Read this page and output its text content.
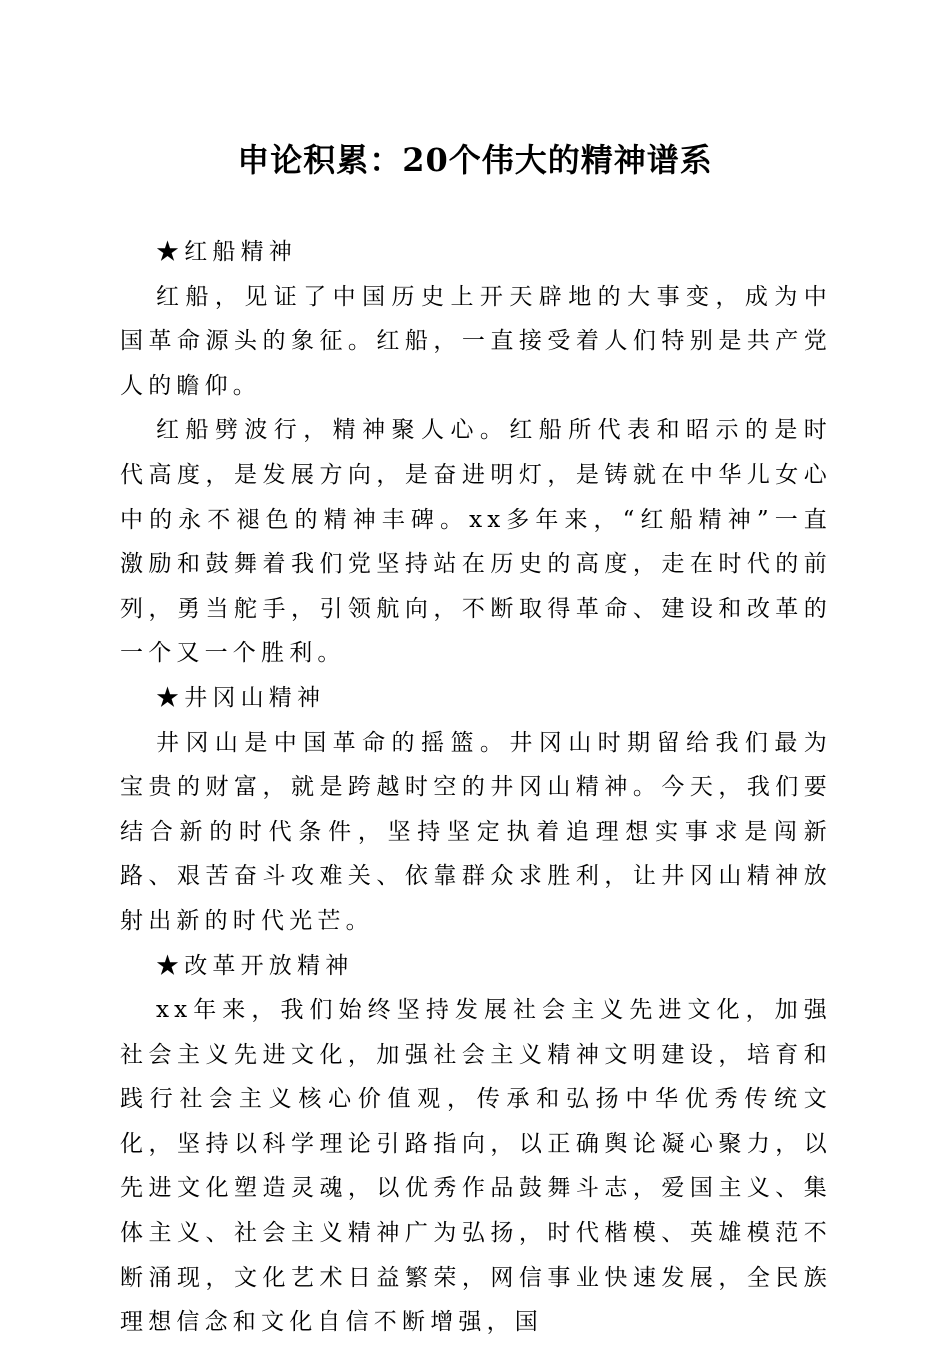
申论积累：20个伟大的精神谱系

★红船精神

红船，见证了中国历史上开天辟地的大事变，成为中国革命源头的象征。红船，一直接受着人们特别是共产党人的瞻仰。

红船劈波行，精神聚人心。红船所代表和昭示的是时代高度，是发展方向，是奋进明灯，是铸就在中华儿女心中的永不褪色的精神丰碑。xx多年来，“红船精神”一直激励和鼓舞着我们党坚持站在历史的高度，走在时代的前列，勇当舵手，引领航向，不断取得革命、建设和改革的一个又一个胜利。

★井冈山精神

井冈山是中国革命的摇篮。井冈山时期留给我们最为宝贵的财富，就是跨越时空的井冈山精神。今天，我们要结合新的时代条件，坚持坚定执着追理想实事求是闯新路、艰苦奋斗攻难关、依靠群众求胜利，让井冈山精神放射出新的时代光芒。

★改革开放精神

xx年来，我们始终坚持发展社会主义先进文化，加强社会主义先进文化，加强社会主义精神文明建设，培育和践行社会主义核心价值观，传承和弘扬中华优秀传统文化，坚持以科学理论引路指向，以正确舆论凝心聚力，以先进文化塑造灵魂，以优秀作品鼓舞斗志，爱国主义、集体主义、社会主义精神广为弘扬，时代楷模、英雄模范不断涌现，文化艺术日益繁荣，网信事业快速发展，全民族理想信念和文化自信不断增强，国
